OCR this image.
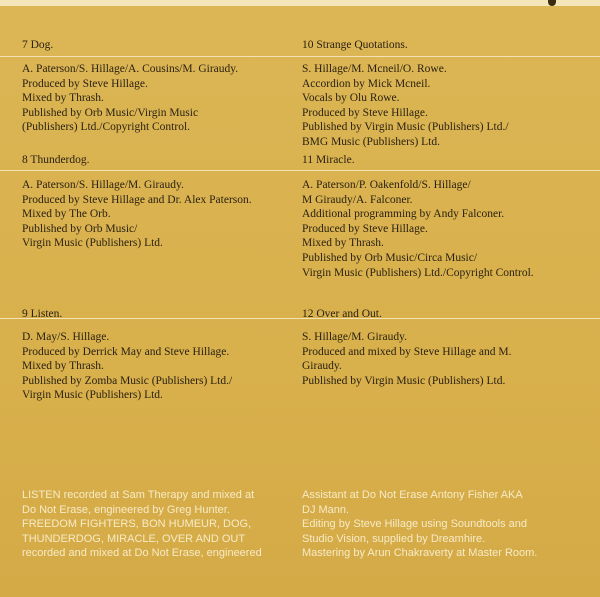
7 Dog.
A. Paterson/S. Hillage/A. Cousins/M. Giraudy.
Produced by Steve Hillage.
Mixed by Thrash.
Published by Orb Music/Virgin Music
(Publishers) Ltd./Copyright Control.
10 Strange Quotations.
S. Hillage/M. Mcneil/O. Rowe.
Accordion by Mick Mcneil.
Vocals by Olu Rowe.
Produced by Steve Hillage.
Published by Virgin Music (Publishers) Ltd./
BMG Music (Publishers) Ltd.
8 Thunderdog.
A. Paterson/S. Hillage/M. Giraudy.
Produced by Steve Hillage and Dr. Alex Paterson.
Mixed by The Orb.
Published by Orb Music/
Virgin Music (Publishers) Ltd.
11 Miracle.
A. Paterson/P. Oakenfold/S. Hillage/
M Giraudy/A. Falconer.
Additional programming by Andy Falconer.
Produced by Steve Hillage.
Mixed by Thrash.
Published by Orb Music/Circa Music/
Virgin Music (Publishers) Ltd./Copyright Control.
9 Listen.
D. May/S. Hillage.
Produced by Derrick May and Steve Hillage.
Mixed by Thrash.
Published by Zomba Music (Publishers) Ltd./
Virgin Music (Publishers) Ltd.
12 Over and Out.
S. Hillage/M. Giraudy.
Produced and mixed by Steve Hillage and M.
Giraudy.
Published by Virgin Music (Publishers) Ltd.
LISTEN recorded at Sam Therapy and mixed at
Do Not Erase, engineered by Greg Hunter.
FREEDOM FIGHTERS, BON HUMEUR, DOG,
THUNDERDOG, MIRACLE, OVER AND OUT
recorded and mixed at Do Not Erase, engineered
Assistant at Do Not Erase Antony Fisher AKA
DJ Mann.
Editing by Steve Hillage using Soundtools and
Studio Vision, supplied by Dreamhire.
Mastering by Arun Chakraverty at Master Room.
